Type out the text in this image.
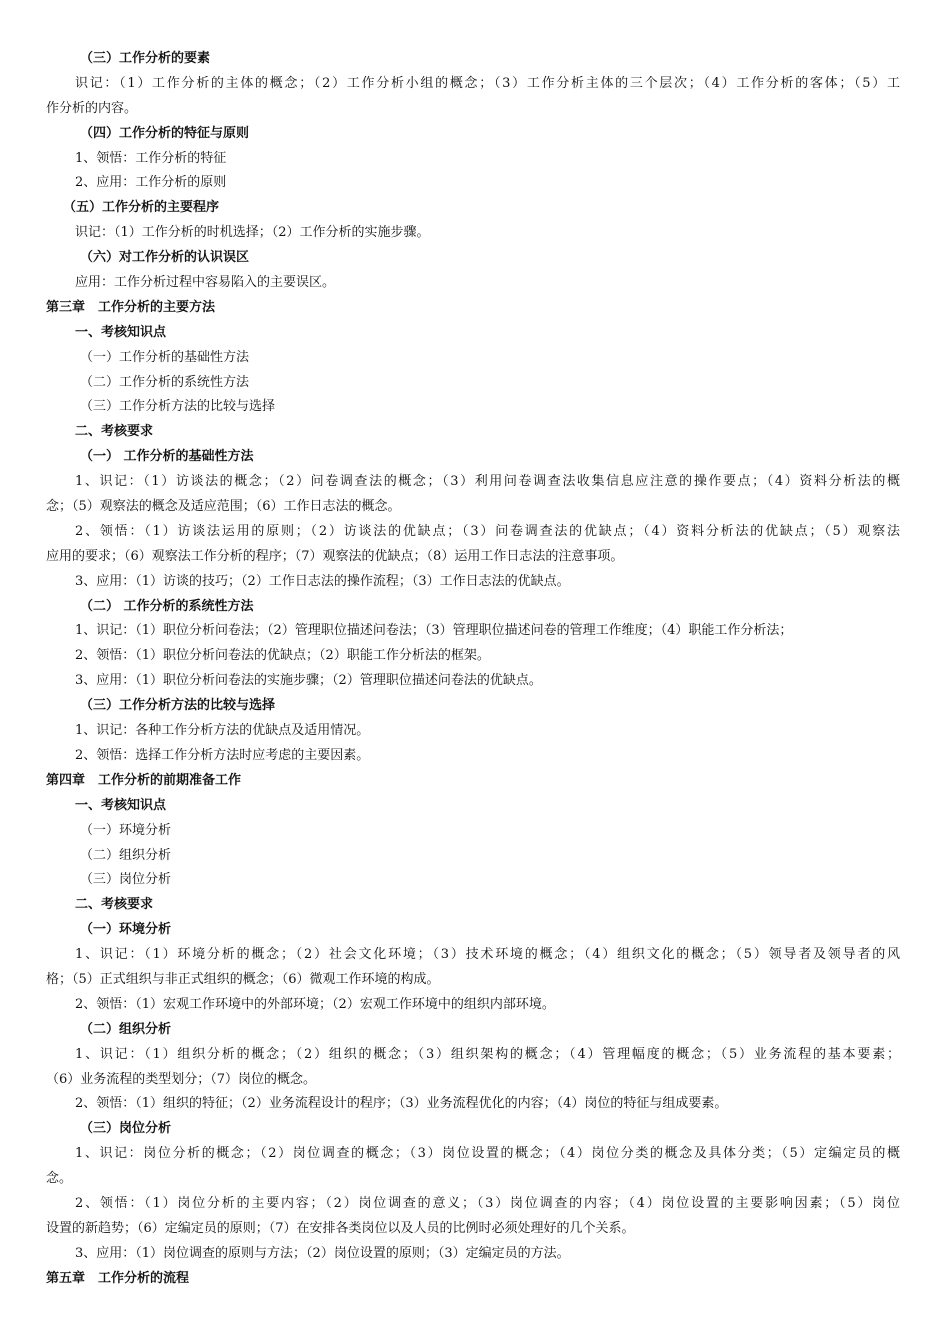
（三）工作分析的要素
识记：（1）工作分析的主体的概念；（2）工作分析小组的概念；（3）工作分析主体的三个层次；（4）工作分析的客体；（5）工
作分析的内容。
（四）工作分析的特征与原则
1、领悟：工作分析的特征
2、应用：工作分析的原则
（五）工作分析的主要程序
识记：（1）工作分析的时机选择；（2）工作分析的实施步骤。
（六）对工作分析的认识误区
应用：工作分析过程中容易陷入的主要误区。
第三章　工作分析的主要方法
一、考核知识点
（一）工作分析的基础性方法
（二）工作分析的系统性方法
（三）工作分析方法的比较与选择
二、考核要求
（一） 工作分析的基础性方法
1、识记：（1）访谈法的概念；（2）问卷调查法的概念；（3）利用问卷调查法收集信息应注意的操作要点；（4）资料分析法的概
念；（5）观察法的概念及适应范围；（6）工作日志法的概念。
2、领悟：（1）访谈法运用的原则；（2）访谈法的优缺点；（3）问卷调查法的优缺点；（4）资料分析法的优缺点；（5）观察法
应用的要求；（6）观察法工作分析的程序；（7）观察法的优缺点；（8）运用工作日志法的注意事项。
3、应用：（1）访谈的技巧；（2）工作日志法的操作流程；（3）工作日志法的优缺点。
（二） 工作分析的系统性方法
1、识记：（1）职位分析问卷法；（2）管理职位描述问卷法；（3）管理职位描述问卷的管理工作维度；（4）职能工作分析法；
2、领悟：（1）职位分析问卷法的优缺点；（2）职能工作分析法的框架。
3、应用：（1）职位分析问卷法的实施步骤；（2）管理职位描述问卷法的优缺点。
（三）工作分析方法的比较与选择
1、识记：各种工作分析方法的优缺点及适用情况。
2、领悟：选择工作分析方法时应考虑的主要因素。
第四章　工作分析的前期准备工作
一、考核知识点
（一）环境分析
（二）组织分析
（三）岗位分析
二、考核要求
（一）环境分析
1、识记：（1）环境分析的概念；（2）社会文化环境；（3）技术环境的概念；（4）组织文化的概念；（5）领导者及领导者的风
格；（5）正式组织与非正式组织的概念；（6）微观工作环境的构成。
2、领悟：（1）宏观工作环境中的外部环境；（2）宏观工作环境中的组织内部环境。
（二）组织分析
1、识记：（1）组织分析的概念；（2）组织的概念；（3）组织架构的概念；（4）管理幅度的概念；（5）业务流程的基本要素；
（6）业务流程的类型划分；（7）岗位的概念。
2、领悟：（1）组织的特征；（2）业务流程设计的程序；（3）业务流程优化的内容；（4）岗位的特征与组成要素。
（三）岗位分析
1、识记：岗位分析的概念；（2）岗位调查的概念；（3）岗位设置的概念；（4）岗位分类的概念及具体分类；（5）定编定员的概
念。
2、领悟：（1）岗位分析的主要内容；（2）岗位调查的意义；（3）岗位调查的内容；（4）岗位设置的主要影响因素；（5）岗位
设置的新趋势；（6）定编定员的原则；（7）在安排各类岗位以及人员的比例时必须处理好的几个关系。
3、应用：（1）岗位调查的原则与方法；（2）岗位设置的原则；（3）定编定员的方法。
第五章　工作分析的流程
